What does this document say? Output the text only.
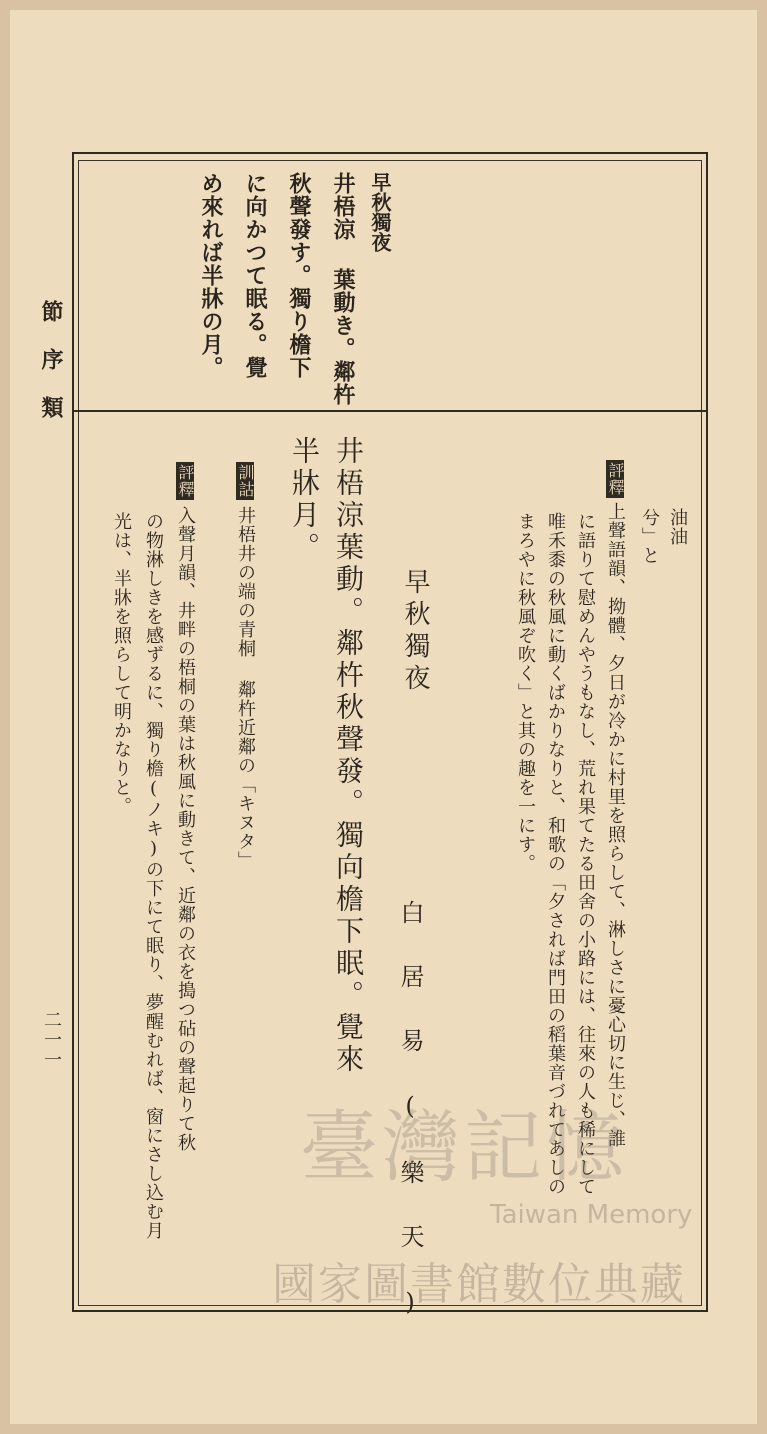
節序類
二一一
早秋獨夜
井梧涼 葉動き。鄰杵
秋聲發す。獨り檐下
に向かつて眠る。覺
め來れば半牀の月。
油油
兮」と
評釋上聲語韻、拗體、夕日が冷かに村里を照らして、淋しさに憂心切に生じ、誰
に語りて慰めんやうもなし、荒れ果てたる田舍の小路には、往來の人も稀にして
唯禾黍の秋風に動くばかりなりと、和歌の「夕されば門田の稻葉音づれてあしの
まろやに秋風ぞ吹く」と其の趣を一にす。
早秋獨夜
白居易(樂天)
井梧涼葉動。鄰杵秋聲發。獨向檐下眠。覺來
半牀月。
訓詁井梧井の端の青桐 鄰杵近鄰の「キヌタ」
評釋入聲月韻、井畔の梧桐の葉は秋風に動きて、近鄰の衣を搗つ砧の聲起りて秋
の物淋しきを感ずるに、獨り檐(ノキ)の下にて眠り、夢醒むれば、窗にさし込む月
光は、半牀を照らして明かなりと。
臺灣記憶
Taiwan Memory
國家圖書館數位典藏
